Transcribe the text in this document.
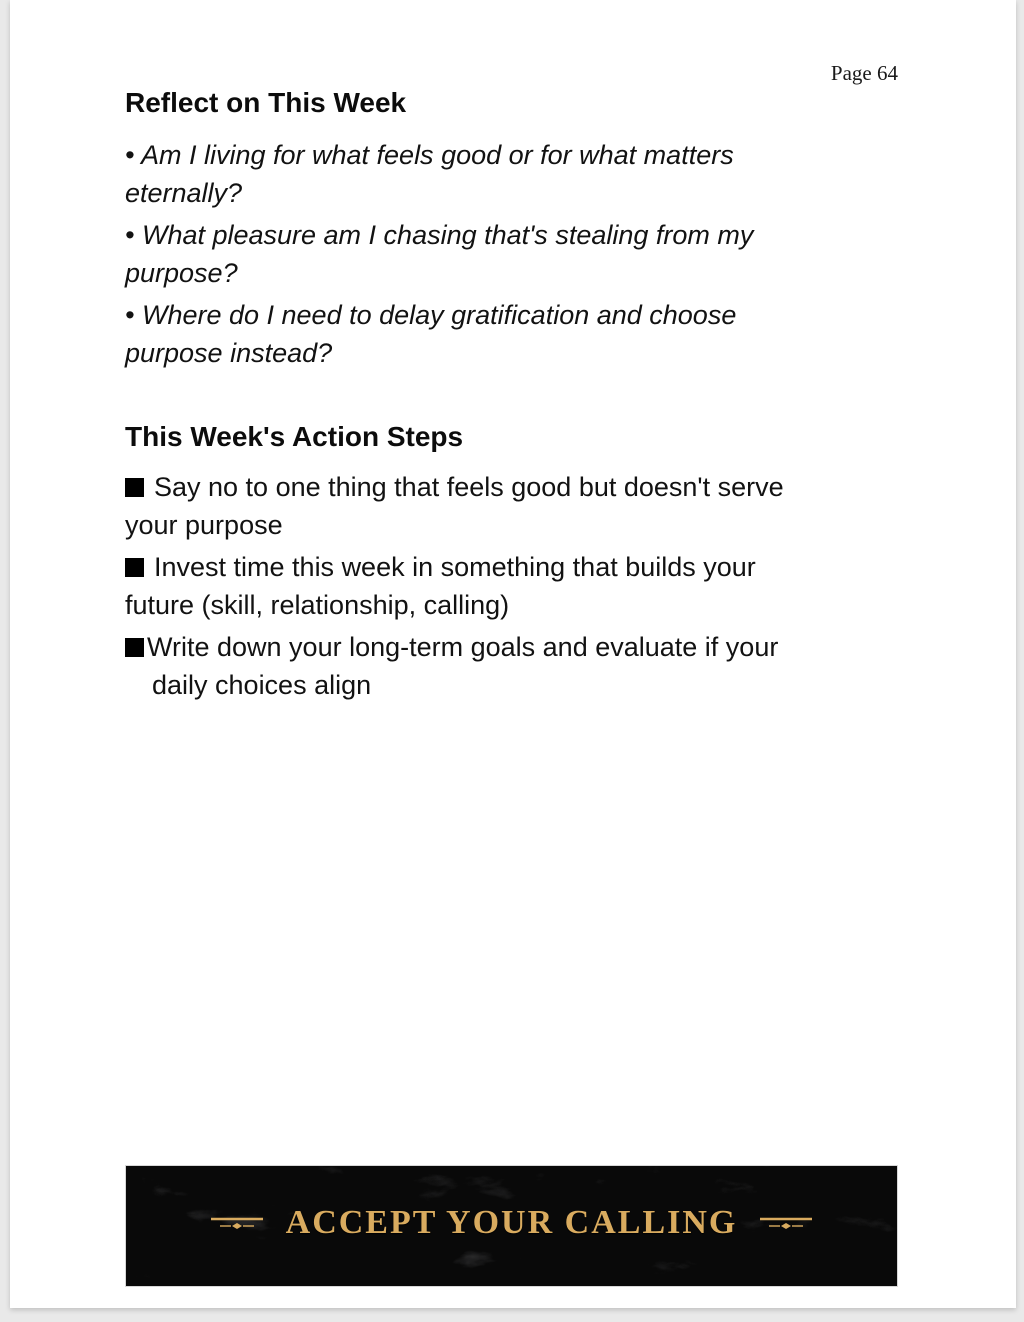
Page 64
Reflect on This Week
• Am I living for what feels good or for what matters
eternally?
• What pleasure am I chasing that's stealing from my
purpose?
• Where do I need to delay gratification and choose
purpose instead?
This Week's Action Steps
Say no to one thing that feels good but doesn't serve
your purpose
Invest time this week in something that builds your
future (skill, relationship, calling)
Write down your long-term goals and evaluate if your
daily choices align
ACCEPT YOUR CALLING
